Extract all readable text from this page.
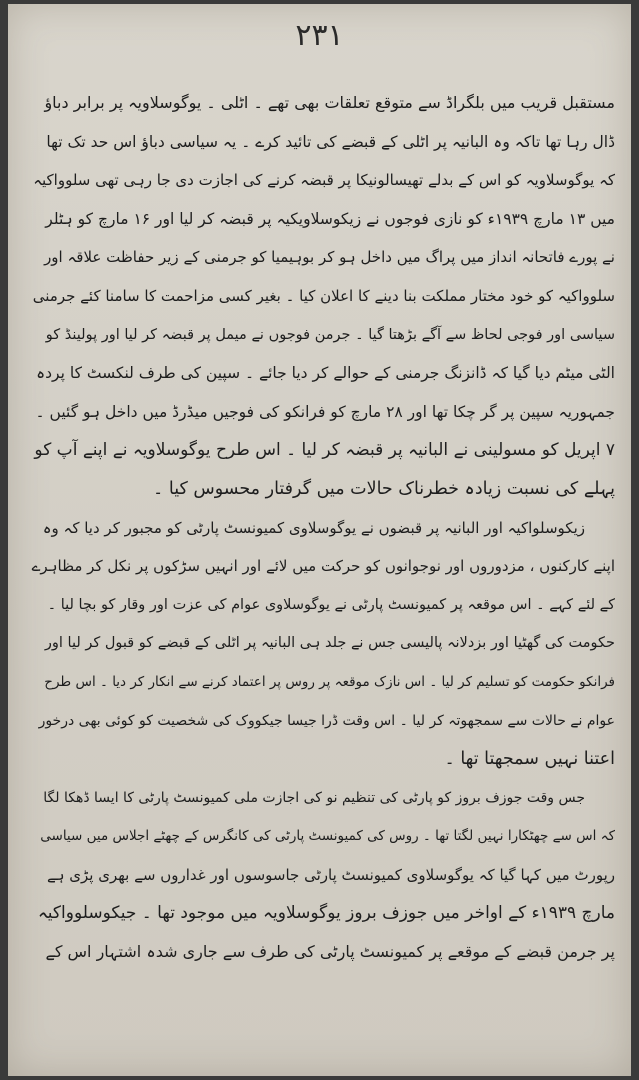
۲۳۱
مستقبل قریب میں بلگراڈ سے متوقع تعلقات بھی تھے ۔ اٹلی ۔ یوگوسلاویہ پر برابر دباؤ
ڈال رہا تھا تاکہ وہ البانیہ پر اٹلی کے قبضے کی تائید کرے ۔ یہ سیاسی دباؤ اس حد تک تھا
کہ یوگوسلاویہ کو اس کے بدلے تھیسالونیکا پر قبضہ کرنے کی اجازت دی جا رہی تھی سلوواکیہ
میں ۱۳ مارچ ۱۹۳۹ء کو نازی فوجوں نے زیکوسلاویکیہ پر قبضہ کر لیا اور ۱۶ مارچ کو ہٹلر
نے پورے فاتحانہ انداز میں پراگ میں داخل ہو کر بوہیمیا کو جرمنی کے زیر حفاظت علاقہ اور
سلوواکیہ کو خود مختار مملکت بنا دینے کا اعلان کیا ۔ بغیر کسی مزاحمت کا سامنا کئے جرمنی
سیاسی اور فوجی لحاظ سے آگے بڑھتا گیا ۔ جرمن فوجوں نے میمل پر قبضہ کر لیا اور پولینڈ کو
الٹی میٹم دیا گیا کہ ڈانزنگ جرمنی کے حوالے کر دیا جائے ۔ سپین کی طرف لنکسٹ کا پردہ
جمہوریہ سپین پر گر چکا تھا اور ۲۸ مارچ کو فرانکو کی فوجیں میڈرڈ میں داخل ہو گئیں ۔
۷ اپریل کو مسولینی نے البانیہ پر قبضہ کر لیا ۔ اس طرح یوگوسلاویہ نے اپنے آپ کو
پہلے کی نسبت زیادہ خطرناک حالات میں گرفتار محسوس کیا ۔
زیکوسلواکیہ اور البانیہ پر قبضوں نے یوگوسلاوی کمیونسٹ پارٹی کو مجبور کر دیا کہ وہ
اپنے کارکنوں ، مزدوروں اور نوجوانوں کو حرکت میں لائے اور انہیں سڑکوں پر نکل کر مظاہرے
کے لئے کہے ۔ اس موقعہ پر کمیونسٹ پارٹی نے یوگوسلاوی عوام کی عزت اور وقار کو بچا لیا ۔
حکومت کی گھٹیا اور بزدلانہ پالیسی جس نے جلد ہی البانیہ پر اٹلی کے قبضے کو قبول کر لیا اور
فرانکو حکومت کو تسلیم کر لیا ۔ اس نازک موقعہ پر روس پر اعتماد کرنے سے انکار کر دیا ۔ اس طرح
عوام نے حالات سے سمجھوتہ کر لیا ۔ اس وقت ڈرا جیسا جیکووک کی شخصیت کو کوئی بھی درخور
اعتنا نہیں سمجھتا تھا ۔
جس وقت جوزف بروز کو پارٹی کی تنظیم نو کی اجازت ملی کمیونسٹ پارٹی کا ایسا ڈھکا لگا
کہ اس سے چھٹکارا نہیں لگتا تھا ۔ روس کی کمیونسٹ پارٹی کی کانگرس کے چھٹے اجلاس میں سیاسی
رپورٹ میں کہا گیا کہ یوگوسلاوی کمیونسٹ پارٹی جاسوسوں اور غداروں سے بھری پڑی ہے
مارچ ۱۹۳۹ء کے اواخر میں جوزف بروز یوگوسلاویہ میں موجود تھا ۔ جیکوسلوواکیہ
پر جرمن قبضے کے موقعے پر کمیونسٹ پارٹی کی طرف سے جاری شدہ اشتہار اس کے
